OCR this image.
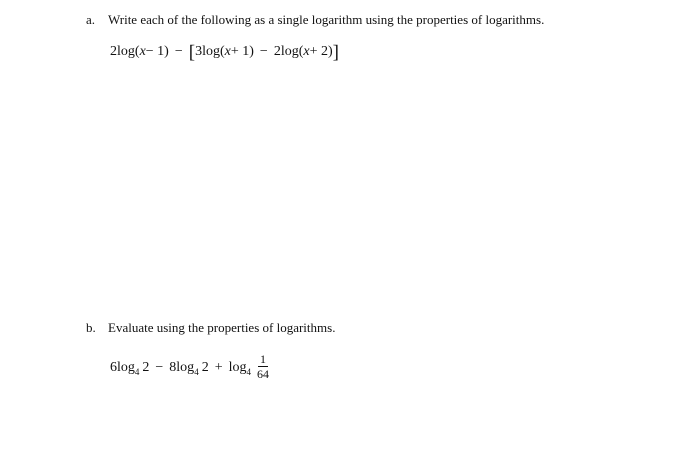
a. Write each of the following as a single logarithm using the properties of logarithms.
2 log ( x − 1) − [ 3 log ( x + 1) − 2 log ( x + 2) ]
b. Evaluate using the properties of logarithms.
6 log 4 2 − 8 log 4 $2 + \log 4 \frac{1}{64}$
